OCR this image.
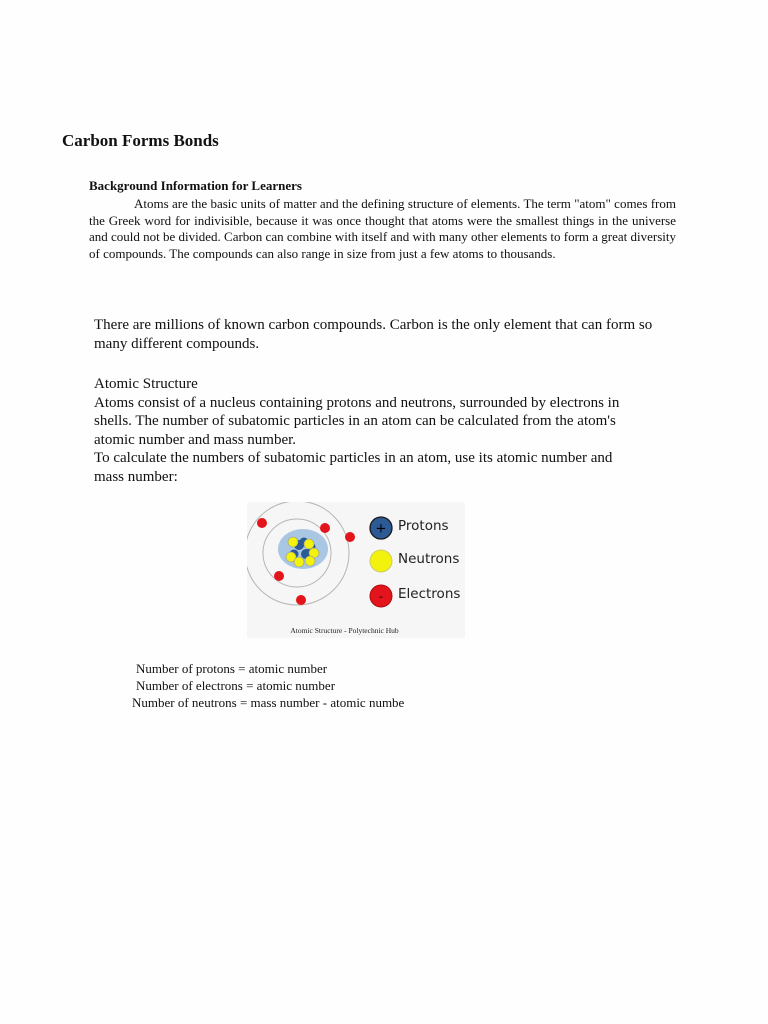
Carbon Forms Bonds
Background Information for Learners

Atoms are the basic units of matter and the defining structure of elements. The term "atom" comes from the Greek word for indivisible, because it was once thought that atoms were the smallest things in the universe and could not be divided. Carbon can combine with itself and with many other elements to form a great diversity of compounds. The compounds can also range in size from just a few atoms to thousands.

There are millions of known carbon compounds. Carbon is the only element that can form so many different compounds.

Atomic Structure
Atoms consist of a nucleus containing protons and neutrons, surrounded by electrons in shells. The number of subatomic particles in an atom can be calculated from the atom's atomic number and mass number.
To calculate the numbers of subatomic particles in an atom, use its atomic number and mass number:
+
-
Protons
Neutrons
Electrons
Atomic Structure - Polytechnic Hub

Number of protons = atomic number

Number of electrons = atomic number

Number of neutrons = mass number - atomic numbe
